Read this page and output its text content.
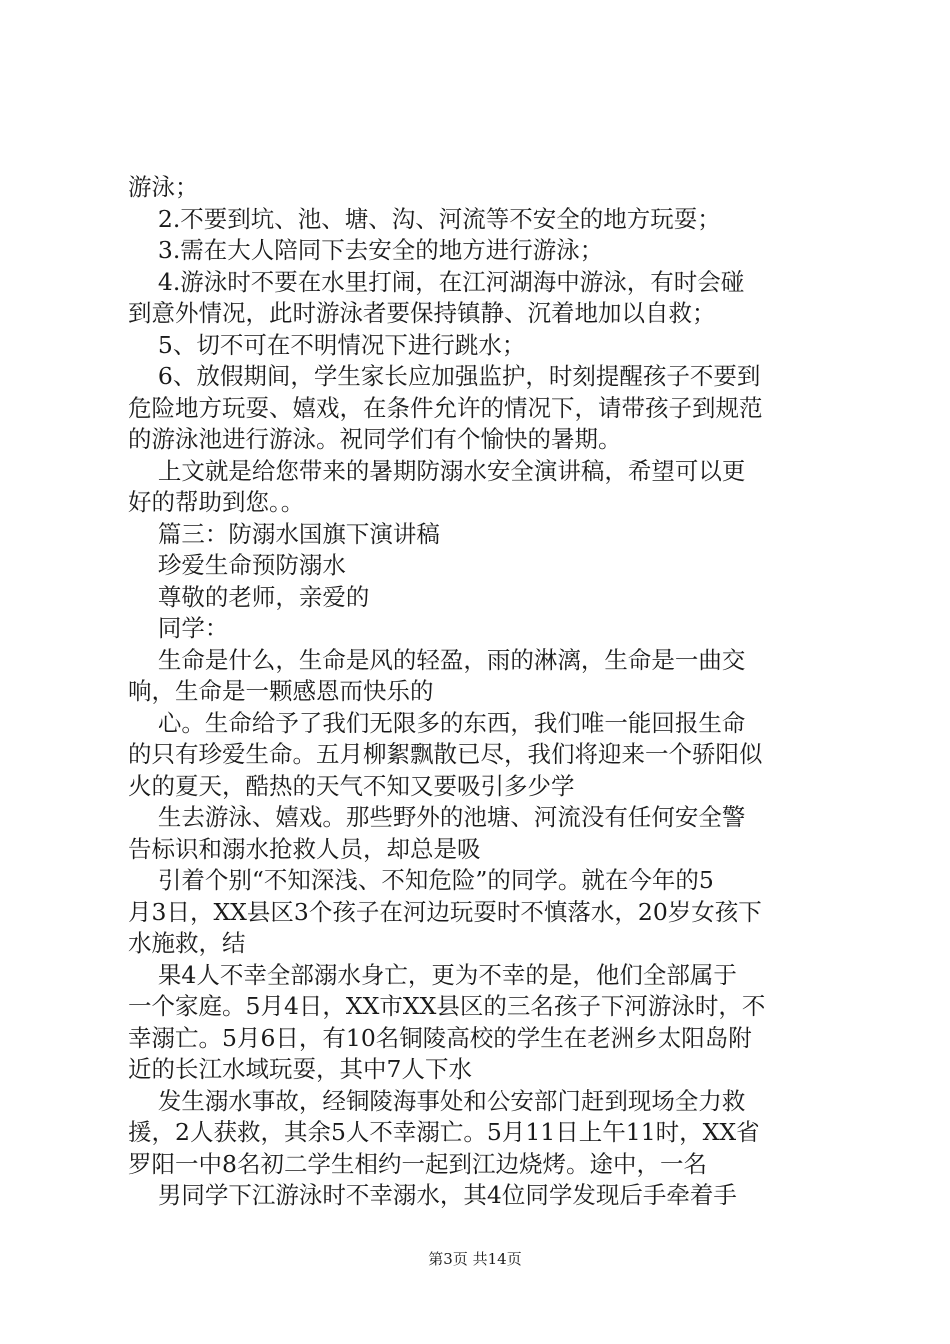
游泳；
2.不要到坑、池、塘、沟、河流等不安全的地方玩耍；
3.需在大人陪同下去安全的地方进行游泳；
4.游泳时不要在水里打闹，在江河湖海中游泳，有时会碰
到意外情况，此时游泳者要保持镇静、沉着地加以自救；
5、切不可在不明情况下进行跳水；
6、放假期间，学生家长应加强监护，时刻提醒孩子不要到
危险地方玩耍、嬉戏，在条件允许的情况下，请带孩子到规范
的游泳池进行游泳。祝同学们有个愉快的暑期。
上文就是给您带来的暑期防溺水安全演讲稿，希望可以更
好的帮助到您。。
篇三：防溺水国旗下演讲稿
珍爱生命预防溺水
尊敬的老师，亲爱的
同学：
生命是什么，生命是风的轻盈，雨的淋漓，生命是一曲交
响，生命是一颗感恩而快乐的
心。生命给予了我们无限多的东西，我们唯一能回报生命
的只有珍爱生命。五月柳絮飘散已尽，我们将迎来一个骄阳似
火的夏天，酷热的天气不知又要吸引多少学
生去游泳、嬉戏。那些野外的池塘、河流没有任何安全警
告标识和溺水抢救人员，却总是吸
引着个别“不知深浅、不知危险”的同学。就在今年的5
月3日，XX县区3个孩子在河边玩耍时不慎落水，20岁女孩下
水施救，结
果4人不幸全部溺水身亡，更为不幸的是，他们全部属于
一个家庭。5月4日，XX市XX县区的三名孩子下河游泳时，不
幸溺亡。5月6日，有10名铜陵高校的学生在老洲乡太阳岛附
近的长江水域玩耍，其中7人下水
发生溺水事故，经铜陵海事处和公安部门赶到现场全力救
援，2人获救，其余5人不幸溺亡。5月11日上午11时，XX省
罗阳一中8名初二学生相约一起到江边烧烤。途中，一名
男同学下江游泳时不幸溺水，其4位同学发现后手牵着手
第3页 共14页
